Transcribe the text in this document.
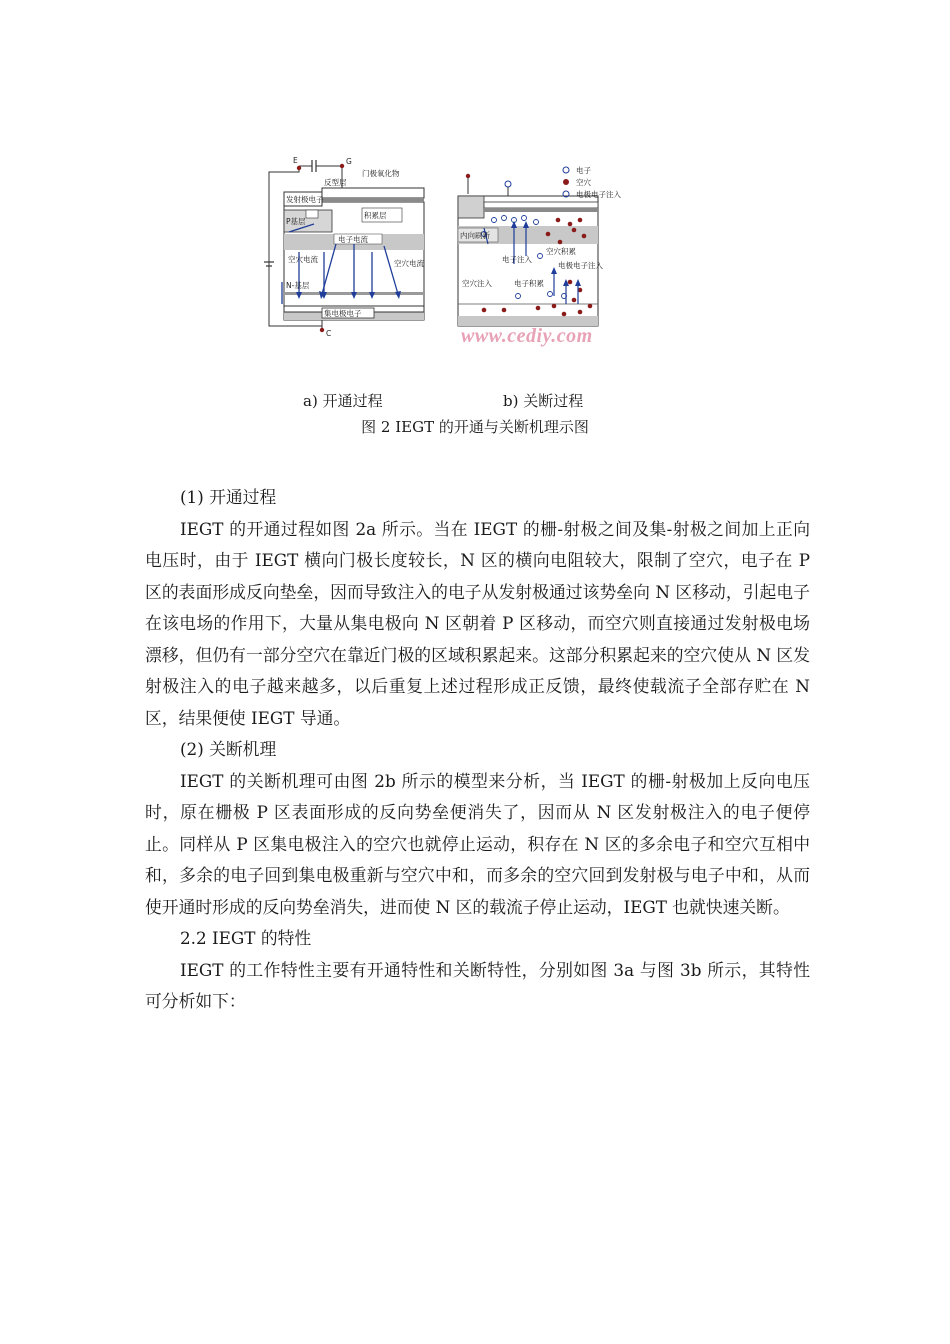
E	G
C
反型层
门极氧化物
发射极电子
P基层
积累层
电子电流
空穴电流	空穴电流
N-基层
集电极电子
电子
空穴
电极电子注入
内向刷新
空穴积累
电子注入
电极电子注入
空穴注入	电子积累
www.cediy.com
a) 开通过程	b) 关断过程
图 2 IEGT 的开通与关断机理示图

(1) 开通过程

IEGT 的开通过程如图 2a 所示。当在 IEGT 的栅-射极之间及集-射极之间加上正向电压时，由于 IEGT 横向门极长度较长，N 区的横向电阻较大，限制了空穴，电子在 P 区的表面形成反向垫垒，因而导致注入的电子从发射极通过该势垒向 N 区移动，引起电子在该电场的作用下，大量从集电极向 N 区朝着 P 区移动，而空穴则直接通过发射极电场漂移，但仍有一部分空穴在靠近门极的区域积累起来。这部分积累起来的空穴使从 N 区发射极注入的电子越来越多，以后重复上述过程形成正反馈，最终使载流子全部存贮在 N 区，结果便使 IEGT 导通。

(2) 关断机理

IEGT 的关断机理可由图 2b 所示的模型来分析，当 IEGT 的栅-射极加上反向电压时，原在栅极 P 区表面形成的反向势垒便消失了，因而从 N 区发射极注入的电子便停止。同样从 P 区集电极注入的空穴也就停止运动，积存在 N 区的多余电子和空穴互相中和，多余的电子回到集电极重新与空穴中和，而多余的空穴回到发射极与电子中和，从而使开通时形成的反向势垒消失，进而使 N 区的载流子停止运动，IEGT 也就快速关断。

2.2 IEGT 的特性

IEGT 的工作特性主要有开通特性和关断特性，分别如图 3a 与图 3b 所示，其特性可分析如下：
